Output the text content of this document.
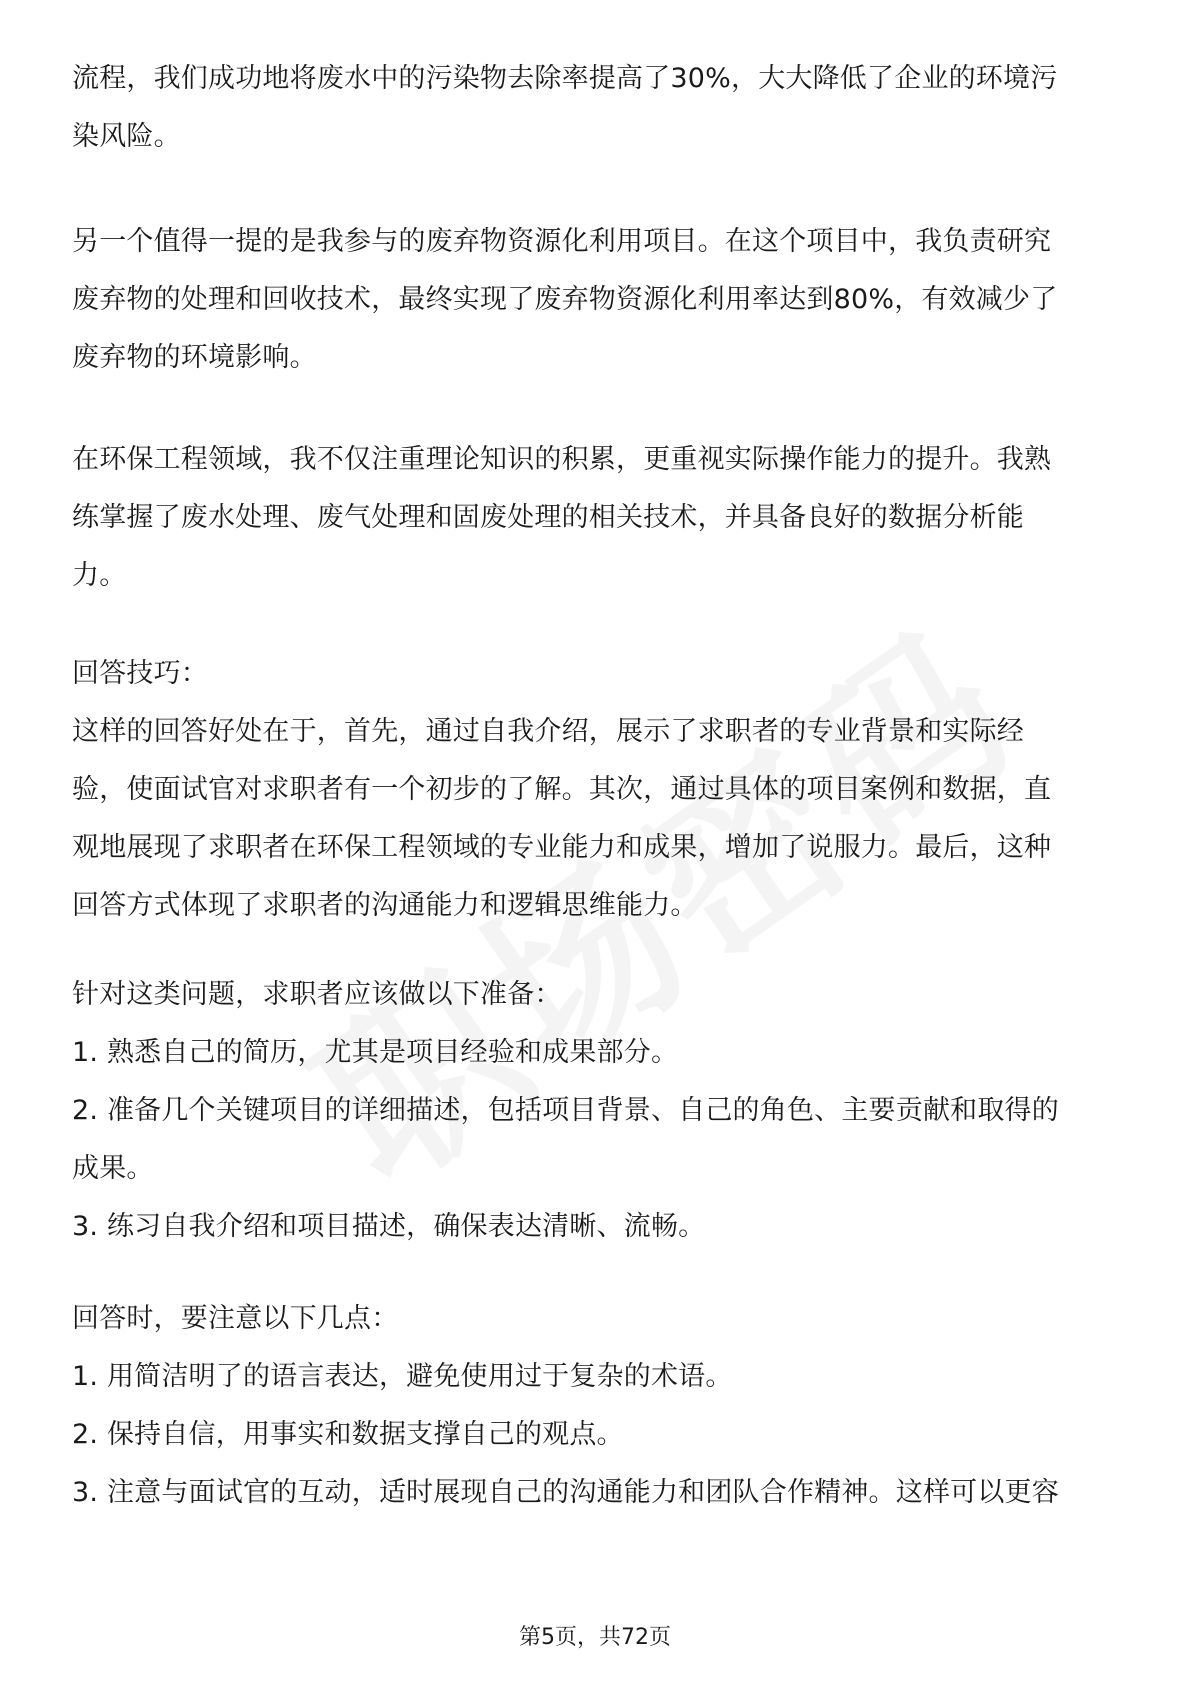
流程，我们成功地将废水中的污染物去除率提高了30%，大大降低了企业的环境污
染风险。
另一个值得一提的是我参与的废弃物资源化利用项目。在这个项目中，我负责研究
废弃物的处理和回收技术，最终实现了废弃物资源化利用率达到80%，有效减少了
废弃物的环境影响。
在环保工程领域，我不仅注重理论知识的积累，更重视实际操作能力的提升。我熟
练掌握了废水处理、废气处理和固废处理的相关技术，并具备良好的数据分析能
力。
回答技巧：
这样的回答好处在于，首先，通过自我介绍，展示了求职者的专业背景和实际经
验，使面试官对求职者有一个初步的了解。其次，通过具体的项目案例和数据，直
观地展现了求职者在环保工程领域的专业能力和成果，增加了说服力。最后，这种
回答方式体现了求职者的沟通能力和逻辑思维能力。
针对这类问题，求职者应该做以下准备：
1. 熟悉自己的简历，尤其是项目经验和成果部分。
2. 准备几个关键项目的详细描述，包括项目背景、自己的角色、主要贡献和取得的
成果。
3. 练习自我介绍和项目描述，确保表达清晰、流畅。
回答时，要注意以下几点：
1. 用简洁明了的语言表达，避免使用过于复杂的术语。
2. 保持自信，用事实和数据支撑自己的观点。
3. 注意与面试官的互动，适时展现自己的沟通能力和团队合作精神。这样可以更容
第5页，共72页
